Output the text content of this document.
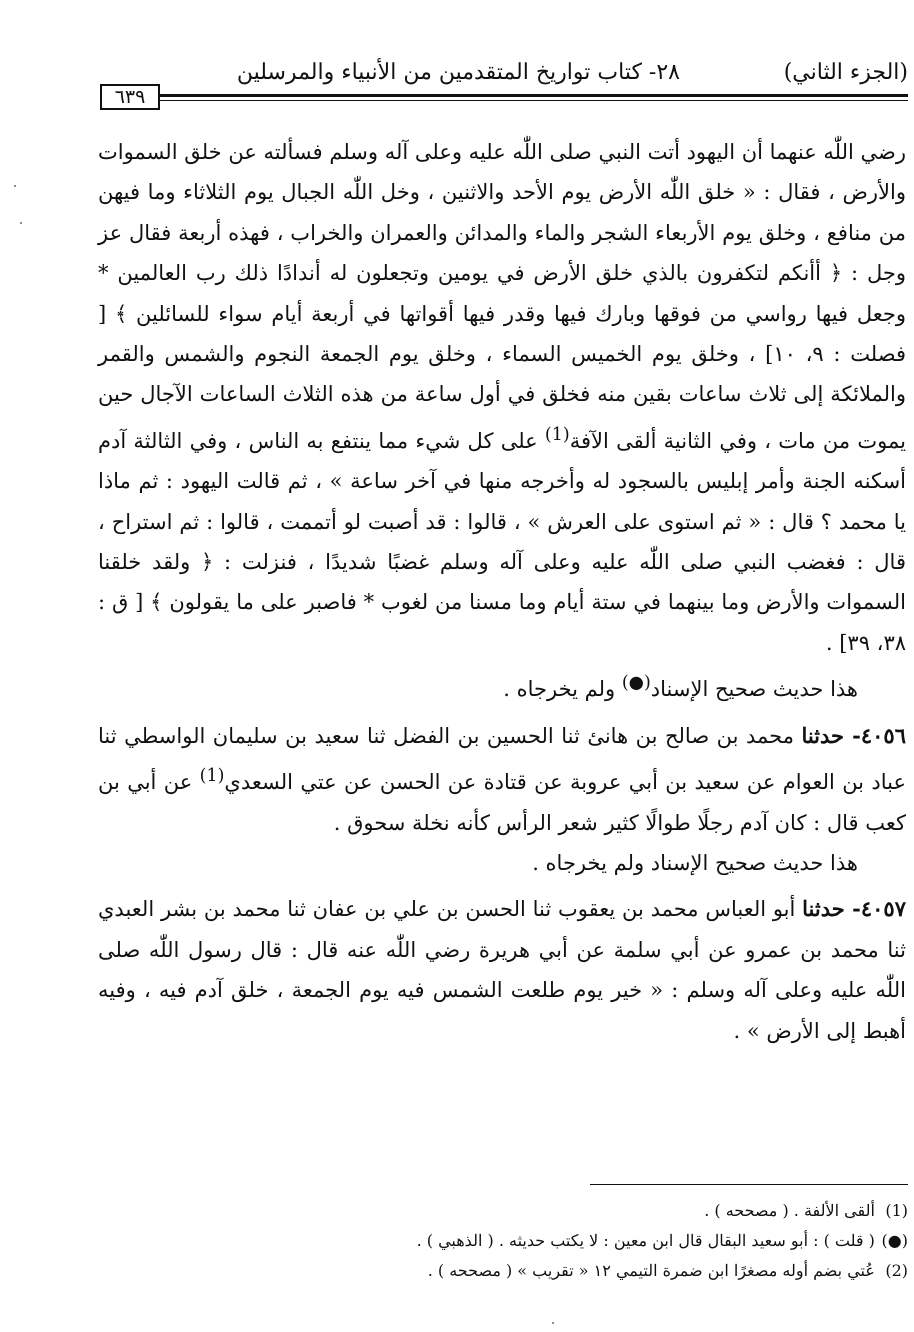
(الجزء الثاني)
٢٨- كتاب تواريخ المتقدمين من الأنبياء والمرسلين
٦٣٩

رضي اللّٰه عنهما أن اليهود أتت النبي صلى اللّٰه عليه وعلى آله وسلم فسألته عن خلق السموات والأرض ، فقال : « خلق اللّٰه الأرض يوم الأحد والاثنين ، وخل اللّٰه الجبال يوم الثلاثاء وما فيهن من منافع ، وخلق يوم الأربعاء الشجر والماء والمدائن والعمران والخراب ، فهذه أربعة فقال عز وجل : ﴿ أأنكم لتكفرون بالذي خلق الأرض في يومين وتجعلون له أندادًا ذلك رب العالمين * وجعل فيها رواسي من فوقها وبارك فيها وقدر فيها أقواتها في أربعة أيام سواء للسائلين ﴾ [ فصلت : ٩، ١٠] ، وخلق يوم الخميس السماء ، وخلق يوم الجمعة النجوم والشمس والقمر والملائكة إلى ثلاث ساعات بقين منه فخلق في أول ساعة من هذه الثلاث الساعات الآجال حين يموت من مات ، وفي الثانية ألقى الآفة$^{(1)}$ على كل شيء مما ينتفع به الناس ، وفي الثالثة آدم أسكنه الجنة وأمر إبليس بالسجود له وأخرجه منها في آخر ساعة » ، ثم قالت اليهود : ثم ماذا يا محمد ؟ قال : « ثم استوى على العرش » ، قالوا : قد أصبت لو أتممت ، قالوا : ثم استراح ، قال : فغضب النبي صلى اللّٰه عليه وعلى آله وسلم غضبًا شديدًا ، فنزلت : ﴿ ولقد خلقنا السموات والأرض وما بينهما في ستة أيام وما مسنا من لغوب * فاصبر على ما يقولون ﴾ [ ق : ٣٨، ٣٩] .

هذا حديث صحيح الإسناد(●) ولم يخرجاه .

٤٠٥٦- حدثنا محمد بن صالح بن هانئ ثنا الحسين بن الفضل ثنا سعيد بن سليمان الواسطي ثنا عباد بن العوام عن سعيد بن أبي عروبة عن قتادة عن الحسن عن عتي السعدي$^{(1)}$ عن أبي بن كعب قال : كان آدم رجلًا طوالًا كثير شعر الرأس كأنه نخلة سحوق .

هذا حديث صحيح الإسناد ولم يخرجاه .

٤٠٥٧- حدثنا أبو العباس محمد بن يعقوب ثنا الحسن بن علي بن عفان ثنا محمد بن بشر العبدي ثنا محمد بن عمرو عن أبي سلمة عن أبي هريرة رضي اللّٰه عنه قال : قال رسول اللّٰه صلى اللّٰه عليه وعلى آله وسلم : « خير يوم طلعت الشمس فيه يوم الجمعة ، خلق آدم فيه ، وفيه أهبط إلى الأرض » .

(1) ألقى الألفة . ( مصححه ) .
(●) ( قلت ) : أبو سعيد البقال قال ابن معين : لا يكتب حديثه . ( الذهبي ) .
(2) عُتي بضم أوله مصغرًا ابن ضمرة التيمي ١٢ « تقريب » ( مصححه ) .
